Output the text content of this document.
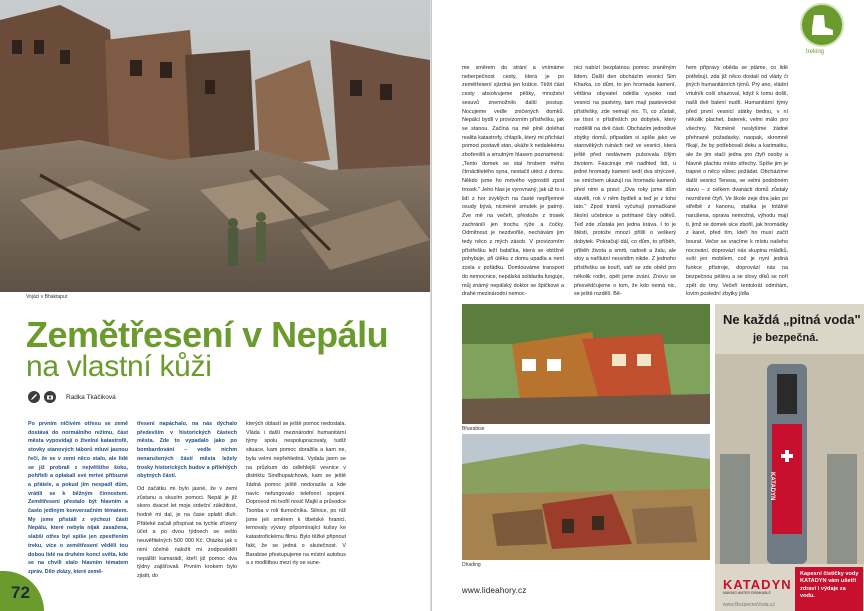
Vojáci v Bhaktapur
Zemětřesení v Nepálu
na vlastní kůži
Radka Tkáčiková

Po prvním ničivém otřesu se země dostává do normálního režimu, část města vypovídají o živelné katastrofě, stovky stanových táborů mluví jasnou řečí, že se v zemi něco stalo, ale lidé se již probrali z největšího šoku, pohřbili a oplakali své mrtvé příbuzné a přátele, a pokud jim nespadl dům, vrátili se k běžným činnostem. Zemětřesení přestalo být hlavním a často jediným konverzačním tématem. My jsme přistáli z výchozí části Nepálu, které nebyla nijak zasažena, slabší otřes byl spíše jen zpestřením treku, více o zemětřesení věděli tou dobou lidé na druhém konci světa, kde se na chvíli stalo hlavním tématem zpráv. Dilo zkázy, které země-

třesení napáchalo, na nás dýchalo především v historických částech města. Zde to vypadalo jako po bombardování – vedle nichm nenarušených částí města ležely trosky historických budov a přilehlých obytných částí.

Od začátku mi bylo jasné, že v zemi zůstanu a skusím pomoci. Nepál je již skoro dvacet let moje srdeční záležitost, hodně mi dal, je na čase splatit dluh. Přáteké začali přispívat na tychle zřízený účet a po dvou týdnech se sešlo neuvěřitelných 500 000 Kč. Otázka jak s nimi účelně naložit mi zodpovědělí nepálští kamarádi, kteří již pomoc dva týdny zajišťovali. Prvním krokem bylo zjistit, do

kterých oblastí se ještě pomoc nedostala. Vláda i další mezinárodní humanitární týmy spolu nespolupracovaly, tudíž situace, kam pomoc doražila a kam ne, byla velmi nepřehledná. Vydala jsem se na průzkum do odlehlejší vesnice v distriktu Sindhupalchowk, kam se ještě žádná pomoc ještě nedorazila a kde navíc nefungovalo telefonní spojení. Doprovod mi tvořil nosič Majkl a průvodce Tsonba v roli tlumočníka. Silnice, po níž jsme jeli směrem k tibetské hranici, lemovaly vývary připomínající kulisy ke katastrofickému filmu. Bylo těžké připnout fakt, že se jedná o skutečnost. V Barabise přestupujeme na místní autobus a s modlitbou mezi rty se sune-

72

me směrem do strání a vnímáme neberpečnost cesty, která je po zemětřesení sjízdná jen krátce. Těžit část cesty absolvujeme pěšky, množství sesuvů znemožnilo další postup. Nocujeme vedle zničených domků. Nepálci bydlí v provizorním přístřešku, jak se stanou. Začíná na mě plně doléhat realita katastrofy, chlapík, který mi přichází pomoci postavit stan, ukáže k nedalekému zbořeništi a smutným hlasem poznamená: „Tento domek se stal hrobem mého čtrnáctiletého syna, nestačil utéct z domu. Někdo jsme ho mrtvého vyprostili zpod trosek." Jeho hlas je vyrovnaný, jak už to u lidí z hor zvyklých na časté nepříjemné osudy bývá, nicméně smutek je patrný. Zve mě na večeři, přestože z trosek zachránili jen trochu rýže a čočky. Odmítnout je nezdvořilé, nechávám jim tedy něco z mých zásob. V provizorním přístřešku leží babička, která se obtížně pohybuje, při útěku z domu upadla a není zcela v pořádku. Domlouváme transport do nemocnice, nepálská solidarita funguje, můj známý nepálský doktor se špičkové a drahé mezinárodní nemoc-

nici nabízí bezplatnou pomoc zraněným lidem. Další den obcházím vesnicí Sim Kharka, co dům, to jen hromada kamení, většina obyvatel odešla vysoko nad vesnici na pastviny, tam mají pastevecké přístřešky, zde nemají nic. Ti, co zůstali, se tísní v přístřeších po dobytek, který rozdělili na dvě části. Obcházím jednotlivé zbytky domů, připadám si spíše jako ve starověkých ruinách než ve vesnici, která ještě před nedávnem pulsovala čilým životem. Fascinuje mě nadhled lidí, u jedné hromady kamení sedí dva strýcové, se smíchem ukazují na hromadu kamenů před nimi a praví: „Dva roky jsme dům stavěli, rok v něm bydleli a teď je z toho tato." Zpod trámů vyčuhují pomačkané školní učebnice a potrhané čáry oděvů. Teď zde zůstala jen jedna kráva. I to je štěstí, protože mnozí přišli o veškerý dobytek. Pokračují dál, co dům, to příběh, příběh života a smrti, radosti a žalu, ale stoy a naříkání neuvidím nikde. Z jednoho přístřešku se kouří, vaří se zde oběd pro několik rodin, opět jsme zváni. Znovu se přesvědčujeme o tom, že kdo nemá nic, se ještě rozdělí. Bě-

hem přípravy oběda se ptáme, co lidé potřebují, zda již něco dostali od vlády či jiných humanitárních týmů. Prý ano, vládní vrtulník coší shazoval, když k tomu došli, našli dvě balení nudlí. Humanitární týmy před první vesnicí státky bednu, v ní několik plachet, baterek, velmi málo pro všechny. Nicméně neslyšíme žádné přehnané požadavky, naopak, skromně říkají, že by potřebovali deku a karimatku, ale že jim stačí jedna pro čtyři osoby a hlavně plachtu místo střechy. Spíše jim je trapné o něco vůbec požádat. Obcházíme další vesnici Tenesa, ve velmi podobném stavu – z celkem dvanácti domů zůstaly nezničené čtyři. Ve škole zeje díra jako po střelbě z kanonu, statika je totálně narušena, oprava nemožná, výhodu mají ti, jimž se domek sice zbořil, jak hromádky z karet, před tím, kteří ho musí začít bourat. Večer se vracíme k místu našeho nocování, doprovází nás skupina mládků, svítí jen mobilem, což je nyní jediná funkce přístroje, doprovází nás na bezpečnou pěšinu a se slovy díků se noří zpět do tmy. Večeří tentokrát odmítám, lovím poslední zbytky jídla

treking
Bharabise
Dhading
www.lideahory.cz
Ne každá „pitná voda"
je bezpečná.
KATADYN
KATADYN
MAKING WATER DRINKABLE
www.BezpecnaVoda.cz
Kapesní čističky vody KATADYN vám ušetří zdraví i výdaje za vodu.
